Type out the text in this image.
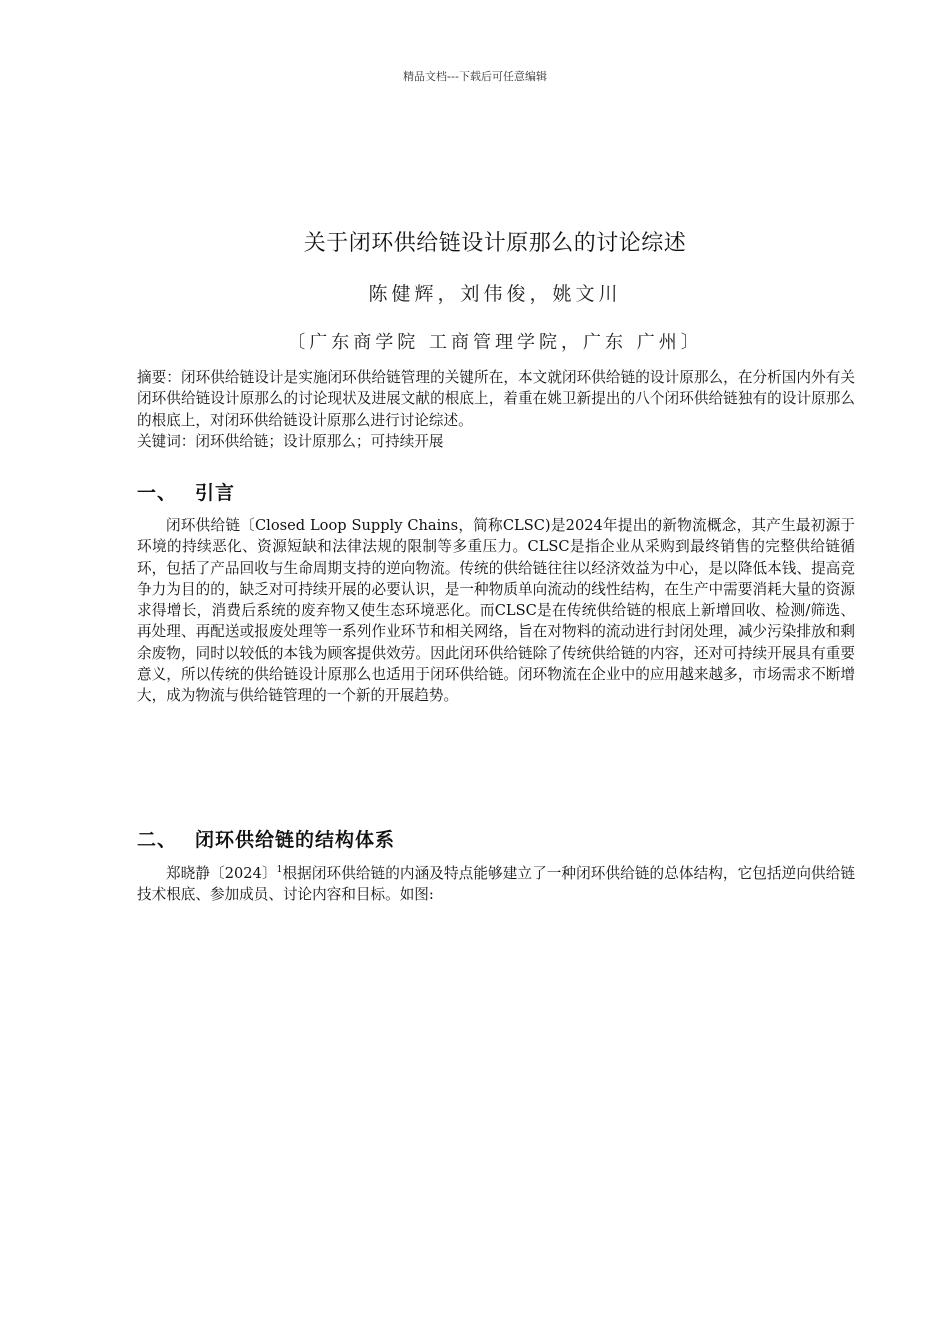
精品文档---下载后可任意编辑
关于闭环供给链设计原那么的讨论综述
陈健辉，刘伟俊，姚文川
〔广东商学院 工商管理学院，广东 广州〕

摘要：闭环供给链设计是实施闭环供给链管理的关键所在，本文就闭环供给链的设计原那么，在分析国内外有关闭环供给链设计原那么的讨论现状及进展文献的根底上，着重在姚卫新提出的八个闭环供给链独有的设计原那么的根底上，对闭环供给链设计原那么进行讨论综述。

关键词：闭环供给链；设计原那么；可持续开展

一、 引言

闭环供给链〔Closed Loop Supply Chains，简称CLSC)是2024年提出的新物流概念，其产生最初源于环境的持续恶化、资源短缺和法律法规的限制等多重压力。CLSC是指企业从采购到最终销售的完整供给链循环，包括了产品回收与生命周期支持的逆向物流。传统的供给链往往以经济效益为中心，是以降低本钱、提高竞争力为目的的，缺乏对可持续开展的必要认识，是一种物质单向流动的线性结构，在生产中需要消耗大量的资源求得增长，消费后系统的废弃物又使生态环境恶化。而CLSC是在传统供给链的根底上新增回收、检测/筛选、再处理、再配送或报废处理等一系列作业环节和相关网络，旨在对物料的流动进行封闭处理，减少污染排放和剩余废物，同时以较低的本钱为顾客提供效劳。因此闭环供给链除了传统供给链的内容，还对可持续开展具有重要意义，所以传统的供给链设计原那么也适用于闭环供给链。闭环物流在企业中的应用越来越多，市场需求不断增大，成为物流与供给链管理的一个新的开展趋势。

二、 闭环供给链的结构体系

郑晓静〔2024〕$^1$根据闭环供给链的内涵及特点能够建立了一种闭环供给链的总体结构，它包括逆向供给链技术根底、参加成员、讨论内容和目标。如图:
